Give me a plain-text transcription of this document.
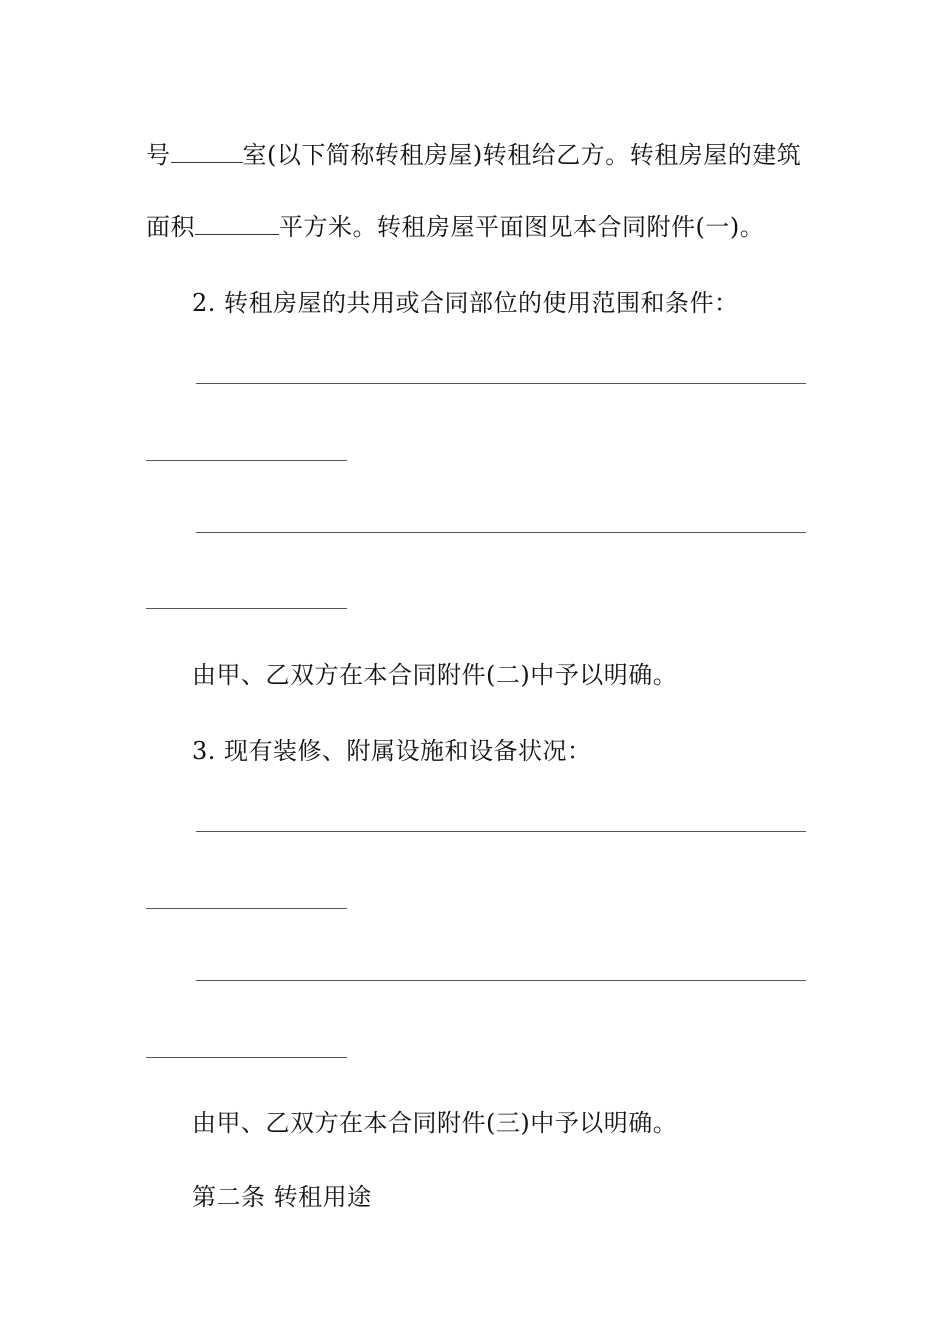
号	室(以下简称转租房屋)转租给乙方。转租房屋的建筑
面积	平方米。转租房屋平面图见本合同附件(一)。
2. 转租房屋的共用或合同部位的使用范围和条件：
由甲、乙双方在本合同附件(二)中予以明确。
3. 现有装修、附属设施和设备状况：
由甲、乙双方在本合同附件(三)中予以明确。
第二条 转租用途
